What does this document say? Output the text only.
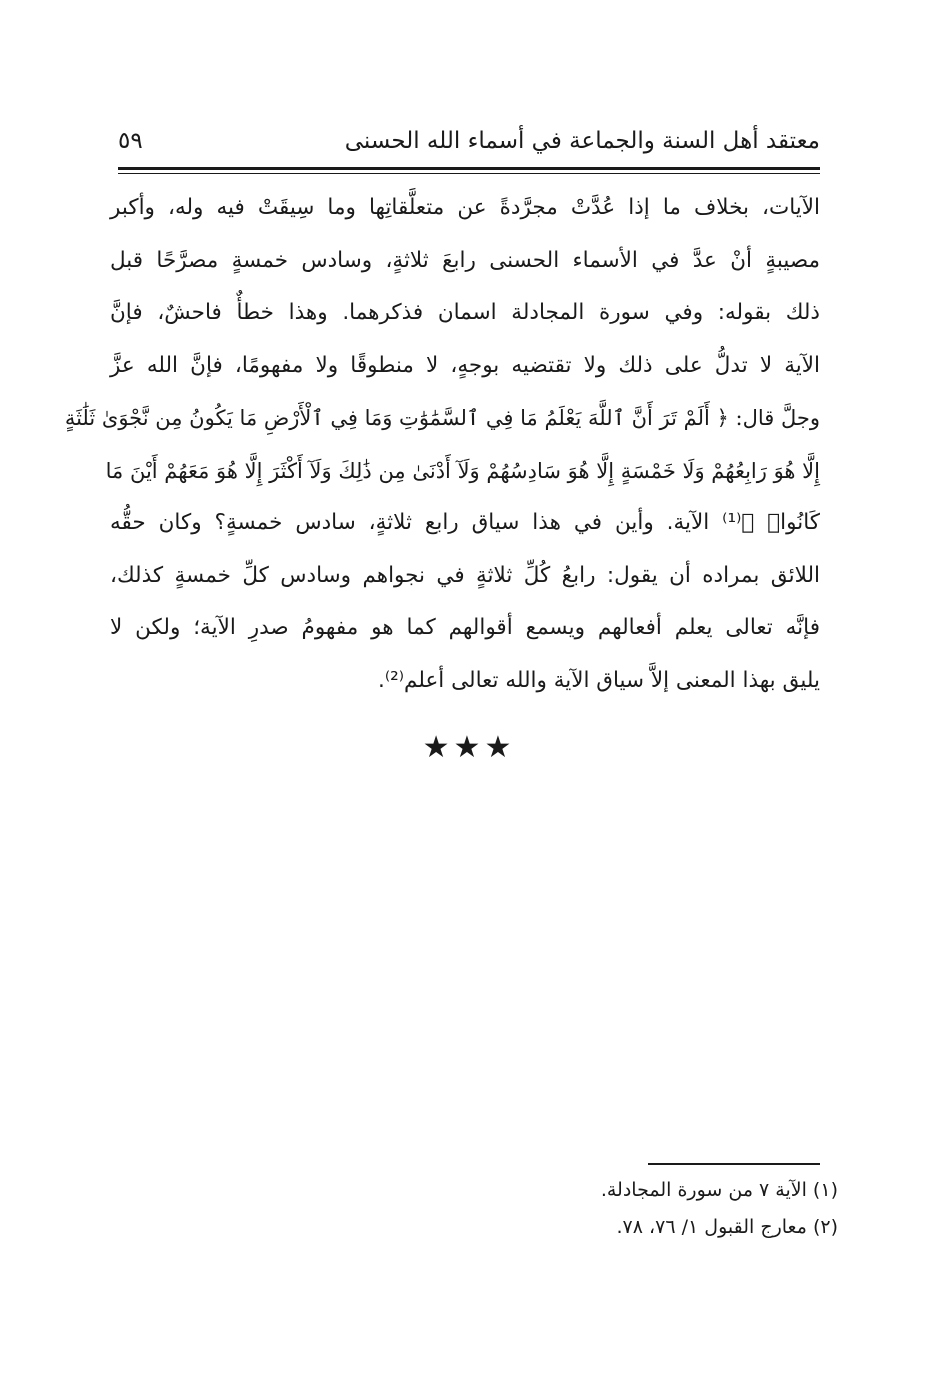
معتقد أهل السنة والجماعة في أسماء الله الحسنى
٥٩
الآيات، بخلاف ما إذا عُدَّتْ مجرَّدةً عن متعلَّقاتِها وما سِيقَتْ فيه وله، وأكبر
مصيبةٍ أنْ عدَّ في الأسماء الحسنى رابعَ ثلاثةٍ، وسادس خمسةٍ مصرَّحًا قبل
ذلك بقوله: وفي سورة المجادلة اسمان فذكرهما. وهذا خطأٌ فاحشٌ، فإنَّ
الآية لا تدلُّ على ذلك ولا تقتضيه بوجهٍ، لا منطوقًا ولا مفهومًا، فإنَّ الله عزَّ
وجلَّ قال: ﴿ أَلَمْ تَرَ أَنَّ ٱللَّهَ يَعْلَمُ مَا فِي ٱلسَّمَٰوَٰتِ وَمَا فِي ٱلْأَرْضِ مَا يَكُونُ مِن نَّجْوَىٰ ثَلَٰثَةٍ
إِلَّا هُوَ رَابِعُهُمْ وَلَا خَمْسَةٍ إِلَّا هُوَ سَادِسُهُمْ وَلَآ أَدْنَىٰ مِن ذَٰلِكَ وَلَآ أَكْثَرَ إِلَّا هُوَ مَعَهُمْ أَيْنَ مَا
كَانُوا۟ ﴾⁽¹⁾ الآية. وأين في هذا سياق رابع ثلاثةٍ، سادس خمسةٍ؟ وكان حقُّه
اللائق بمراده أن يقول: رابعُ كُلِّ ثلاثةٍ في نجواهم وسادس كلِّ خمسةٍ كذلك،
فإنَّه تعالى يعلم أفعالهم ويسمع أقوالهم كما هو مفهومُ صدرِ الآية؛ ولكن لا
يليق بهذا المعنى إلاَّ سياق الآية والله تعالى أعلم⁽²⁾.
★★★
(١) الآية ٧ من سورة المجادلة.
(٢) معارج القبول ١/ ٧٦، ٧٨.
